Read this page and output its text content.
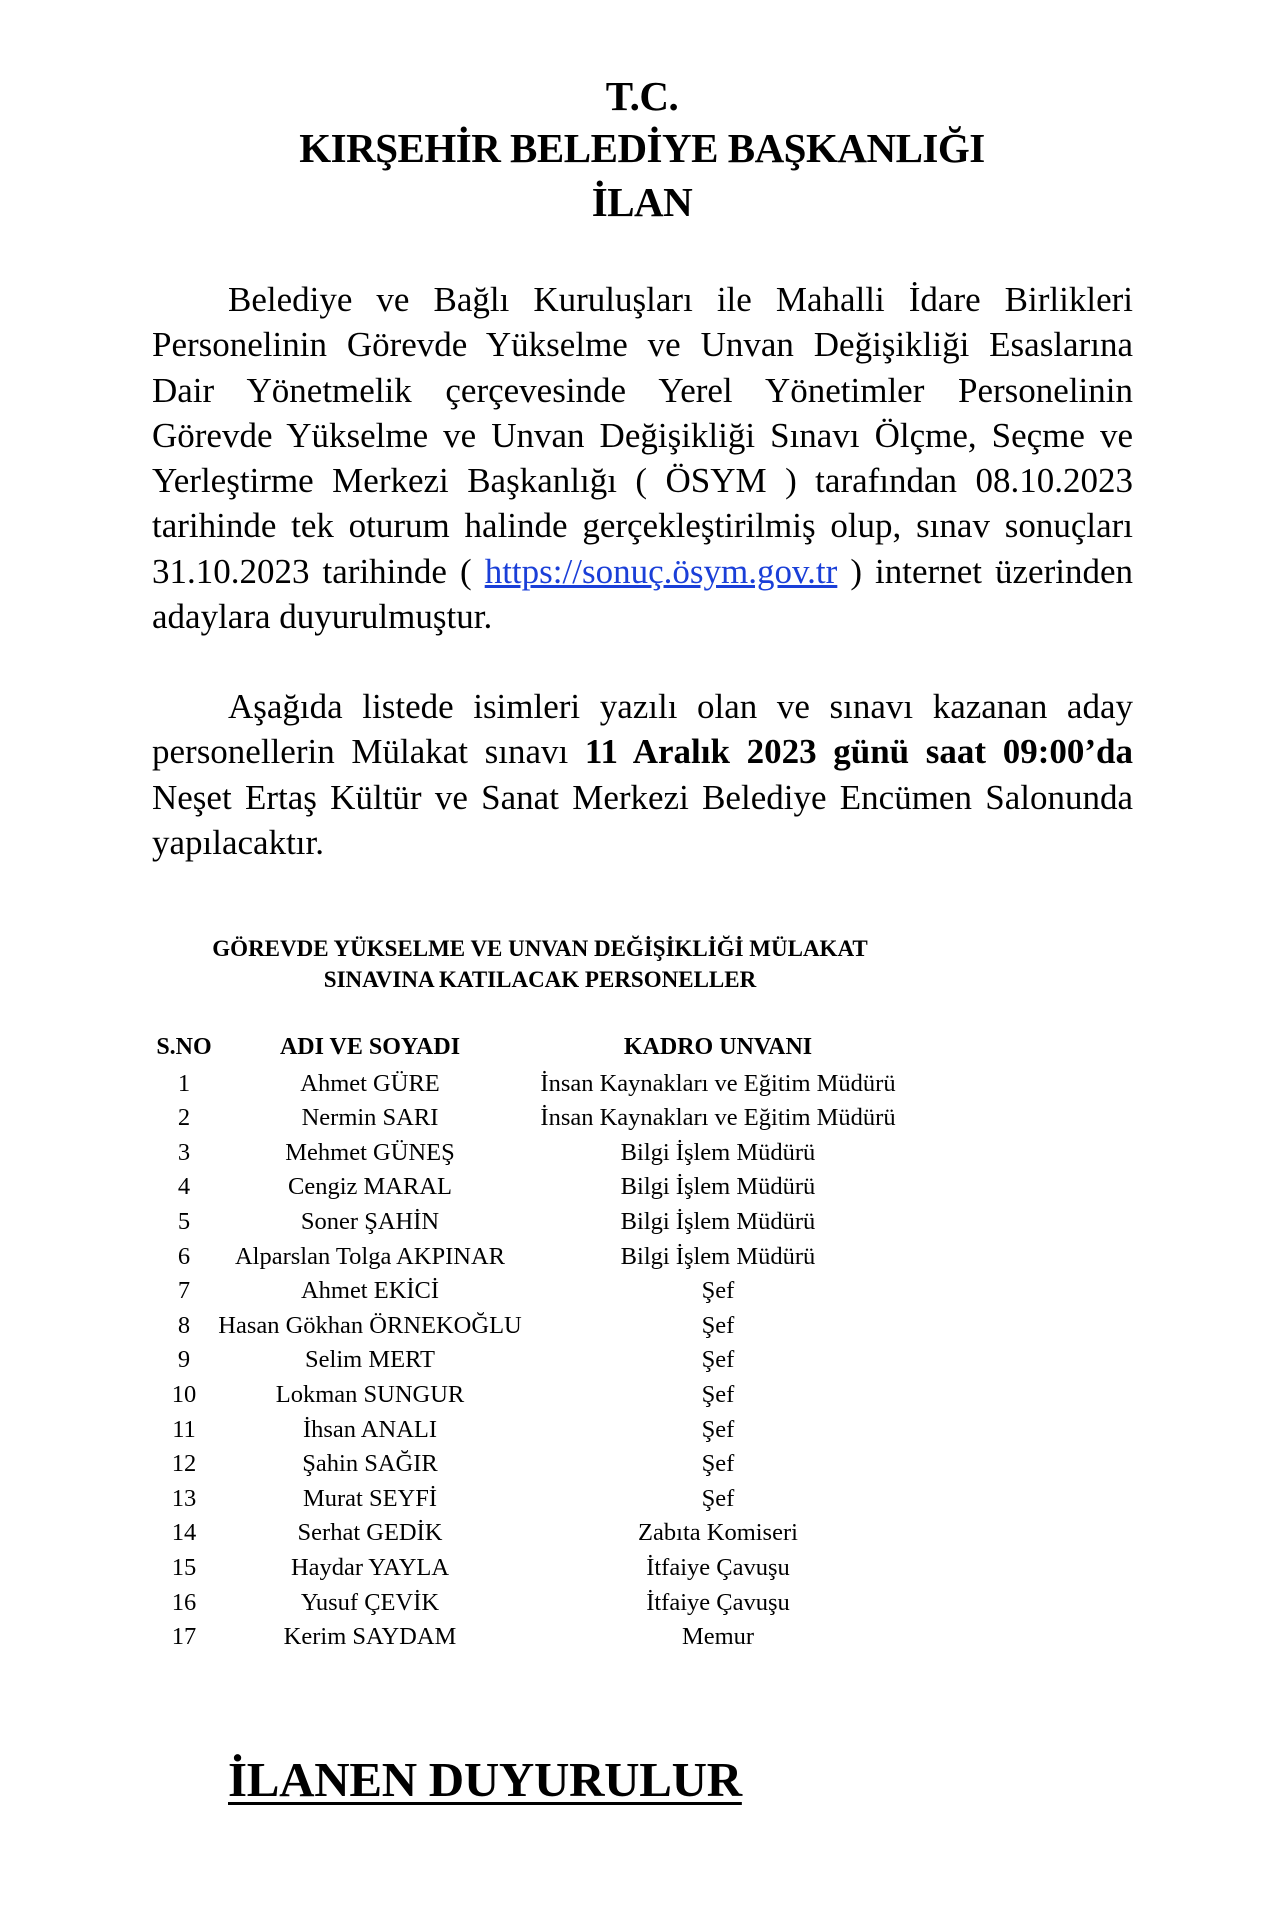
T.C.
KIRŞEHİR BELEDİYE BAŞKANLIĞI
İLAN
Belediye ve Bağlı Kuruluşları ile Mahalli İdare Birlikleri Personelinin Görevde Yükselme ve Unvan Değişikliği Esaslarına Dair Yönetmelik çerçevesinde Yerel Yönetimler Personelinin Görevde Yükselme ve Unvan Değişikliği Sınavı Ölçme, Seçme ve Yerleştirme Merkezi Başkanlığı ( ÖSYM ) tarafından 08.10.2023 tarihinde tek oturum halinde gerçekleştirilmiş olup, sınav sonuçları 31.10.2023 tarihinde ( https://sonuç.ösym.gov.tr ) internet üzerinden adaylara duyurulmuştur.
Aşağıda listede isimleri yazılı olan ve sınavı kazanan aday personellerin Mülakat sınavı 11 Aralık 2023 günü saat 09:00’da Neşet Ertaş Kültür ve Sanat Merkezi Belediye Encümen Salonunda yapılacaktır.
GÖREVDE YÜKSELME VE UNVAN DEĞİŞİKLİĞİ MÜLAKAT
SINAVINA KATILACAK PERSONELLER
S.NO	ADI VE SOYADI	KADRO UNVANI
1	Ahmet GÜRE	İnsan Kaynakları ve Eğitim Müdürü
2	Nermin SARI	İnsan Kaynakları ve Eğitim Müdürü
3	Mehmet GÜNEŞ	Bilgi İşlem Müdürü
4	Cengiz MARAL	Bilgi İşlem Müdürü
5	Soner ŞAHİN	Bilgi İşlem Müdürü
6	Alparslan Tolga AKPINAR	Bilgi İşlem Müdürü
7	Ahmet EKİCİ	Şef
8	Hasan Gökhan ÖRNEKOĞLU	Şef
9	Selim MERT	Şef
10	Lokman SUNGUR	Şef
11	İhsan ANALI	Şef
12	Şahin SAĞIR	Şef
13	Murat SEYFİ	Şef
14	Serhat GEDİK	Zabıta Komiseri
15	Haydar YAYLA	İtfaiye Çavuşu
16	Yusuf ÇEVİK	İtfaiye Çavuşu
17	Kerim SAYDAM	Memur
İLANEN DUYURULUR
